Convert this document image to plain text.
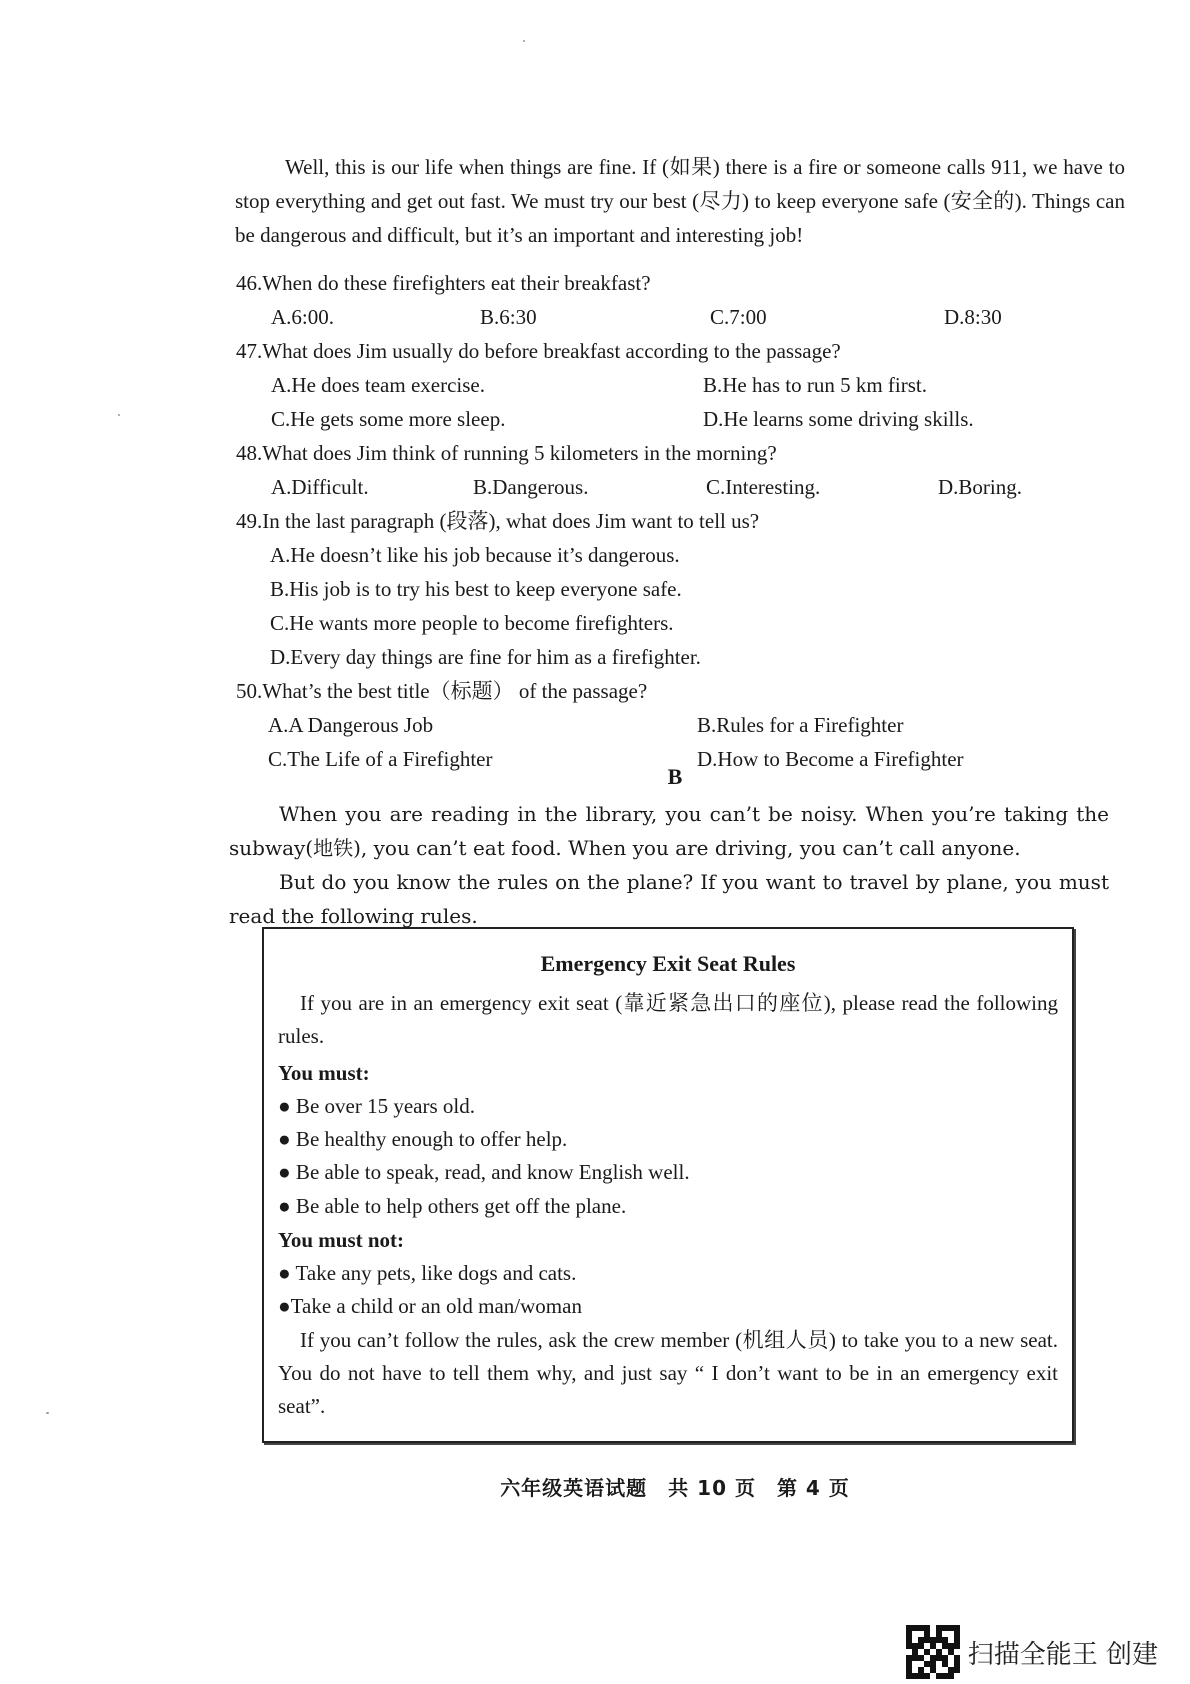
Well, this is our life when things are fine. If (如果) there is a fire or someone calls 911, we have to stop everything and get out fast. We must try our best (尽力) to keep everyone safe (安全的). Things can be dangerous and difficult, but it’s an important and interesting job!

46.When do these firefighters eat their breakfast?

A.6:00.	B.6:30	C.7:00	D.8:30

47.What does Jim usually do before breakfast according to the passage?

A.He does team exercise.	B.He has to run 5 km first.

C.He gets some more sleep.	D.He learns some driving skills.

48.What does Jim think of running 5 kilometers in the morning?

A.Difficult.	B.Dangerous.	C.Interesting.	D.Boring.

49.In the last paragraph (段落), what does Jim want to tell us?

A.He doesn’t like his job because it’s dangerous.

B.His job is to try his best to keep everyone safe.

C.He wants more people to become firefighters.

D.Every day things are fine for him as a firefighter.

50.What’s the best title（标题） of the passage?

A.A Dangerous Job	B.Rules for a Firefighter

C.The Life of a Firefighter	D.How to Become a Firefighter

B

When you are reading in the library, you can’t be noisy. When you’re taking the subway(地铁), you can’t eat food. When you are driving, you can’t call anyone.

But do you know the rules on the plane? If you want to travel by plane, you must read the following rules.

Emergency Exit Seat Rules

If you are in an emergency exit seat (靠近紧急出口的座位), please read the following rules.

You must:

● Be over 15 years old.

● Be healthy enough to offer help.

● Be able to speak, read, and know English well.

● Be able to help others get off the plane.

You must not:

● Take any pets, like dogs and cats.

●Take a child or an old man/woman

If you can’t follow the rules, ask the crew member (机组人员) to take you to a new seat. You do not have to tell them why, and just say “ I don’t want to be in an emergency exit seat”.

六年级英语试题　共 10 页　第 4 页
扫描全能王 创建
